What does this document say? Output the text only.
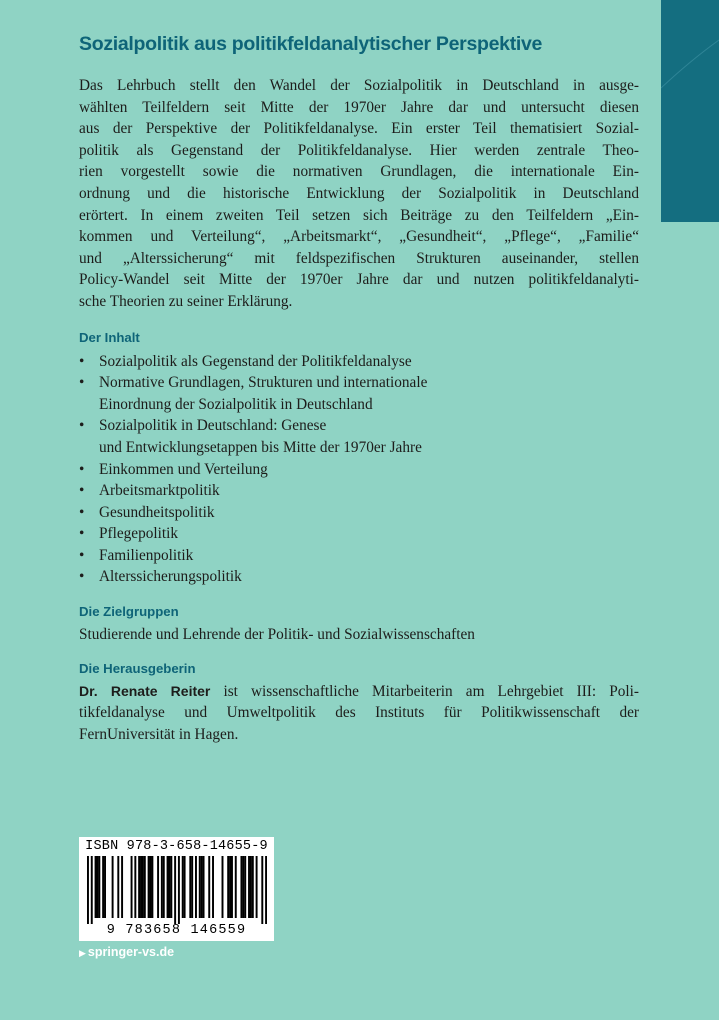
Sozialpolitik aus politikfeldanalytischer Perspektive

Das Lehrbuch stellt den Wandel der Sozialpolitik in Deutschland in ausge-
wählten Teilfeldern seit Mitte der 1970er Jahre dar und untersucht diesen
aus der Perspektive der Politikfeldanalyse. Ein erster Teil thematisiert Sozial-
politik als Gegenstand der Politikfeldanalyse. Hier werden zentrale Theo-
rien vorgestellt sowie die normativen Grundlagen, die internationale Ein-
ordnung und die historische Entwicklung der Sozialpolitik in Deutschland
erörtert. In einem zweiten Teil setzen sich Beiträge zu den Teilfeldern „Ein-
kommen und Verteilung“, „Arbeitsmarkt“, „Gesundheit“, „Pflege“, „Familie“
und „Alterssicherung“ mit feldspezifischen Strukturen auseinander, stellen
Policy-Wandel seit Mitte der 1970er Jahre dar und nutzen politikfeldanalyti-
sche Theorien zu seiner Erklärung.

Der Inhalt
• Sozialpolitik als Gegenstand der Politikfeldanalyse
• Normative Grundlagen, Strukturen und internationale
Einordnung der Sozialpolitik in Deutschland
• Sozialpolitik in Deutschland: Genese
und Entwicklungsetappen bis Mitte der 1970er Jahre
• Einkommen und Verteilung
• Arbeitsmarktpolitik
• Gesundheitspolitik
• Pflegepolitik
• Familienpolitik
• Alterssicherungspolitik
Die Zielgruppen

Studierende und Lehrende der Politik- und Sozialwissenschaften

Die Herausgeberin

Dr. Renate Reiter ist wissenschaftliche Mitarbeiterin am Lehrgebiet III: Poli-
tikfeldanalyse und Umweltpolitik des Instituts für Politikwissenschaft der
FernUniversität in Hagen.

ISBN 978-3-658-14655-9
9 783658 146559
▶ springer-vs.de
